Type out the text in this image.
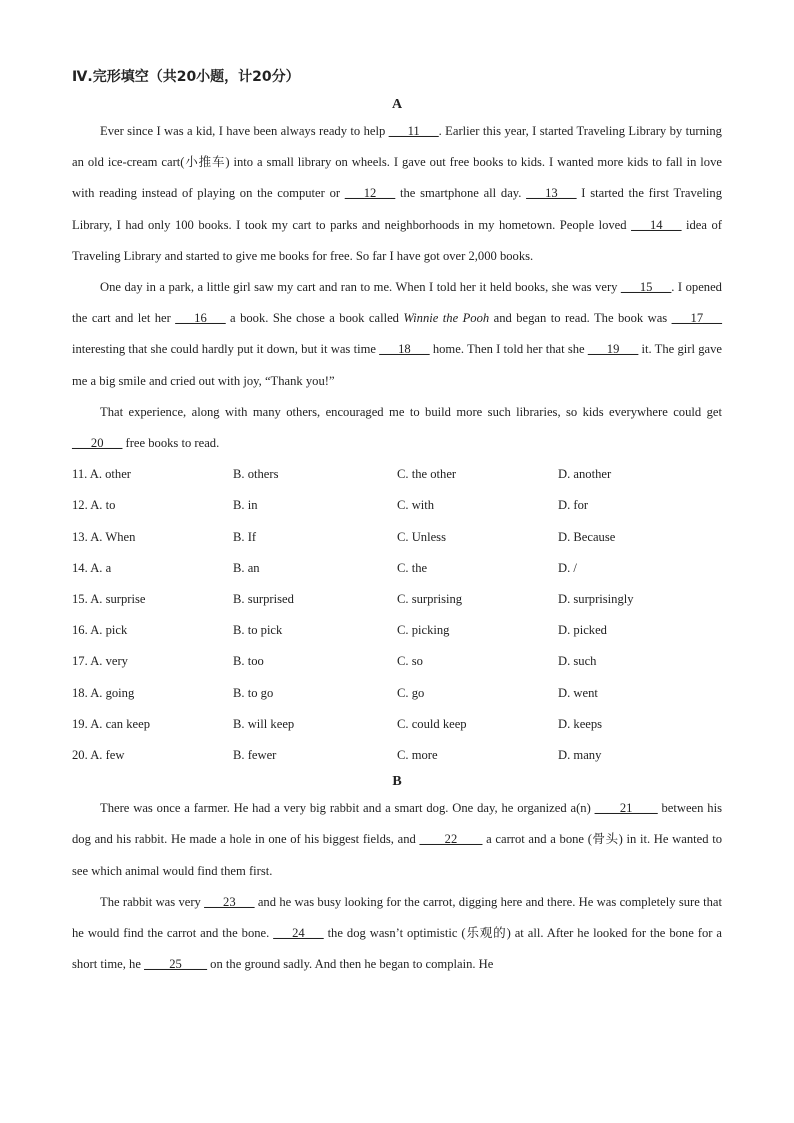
Ⅳ.完形填空（共20小题，计20分）
A
Ever since I was a kid, I have been always ready to help ___11___. Earlier this year, I started Traveling Library by turning an old ice-cream cart(小推车) into a small library on wheels. I gave out free books to kids. I wanted more kids to fall in love with reading instead of playing on the computer or ___12___ the smartphone all day. ___13___ I started the first Traveling Library, I had only 100 books. I took my cart to parks and neighborhoods in my hometown. People loved ___14___ idea of Traveling Library and started to give me books for free. So far I have got over 2,000 books.
One day in a park, a little girl saw my cart and ran to me. When I told her it held books, she was very ___15___. I opened the cart and let her ___16___ a book. She chose a book called Winnie the Pooh and began to read. The book was ___17___ interesting that she could hardly put it down, but it was time ___18___ home. Then I told her that she ___19___ it. The girl gave me a big smile and cried out with joy, “Thank you!”
That experience, along with many others, encouraged me to build more such libraries, so kids everywhere could get ___20___ free books to read.
11. A. other	B. others	C. the other	D. another
12. A. to	B. in	C. with	D. for
13. A. When	B. If	C. Unless	D. Because
14. A. a	B. an	C. the	D. /
15. A. surprise	B. surprised	C. surprising	D. surprisingly
16. A. pick	B. to pick	C. picking	D. picked
17. A. very	B. too	C. so	D. such
18. A. going	B. to go	C. go	D. went
19. A. can keep	B. will keep	C. could keep	D. keeps
20. A. few	B. fewer	C. more	D. many
B
There was once a farmer. He had a very big rabbit and a smart dog. One day, he organized a(n) ____21____ between his dog and his rabbit. He made a hole in one of his biggest fields, and ____22____ a carrot and a bone (骨头) in it. He wanted to see which animal would find them first.
The rabbit was very ___23___ and he was busy looking for the carrot, digging here and there. He was completely sure that he would find the carrot and the bone. ___24___ the dog wasn’t optimistic (乐观的) at all. After he looked for the bone for a short time, he ____25____ on the ground sadly. And then he began to complain. He
